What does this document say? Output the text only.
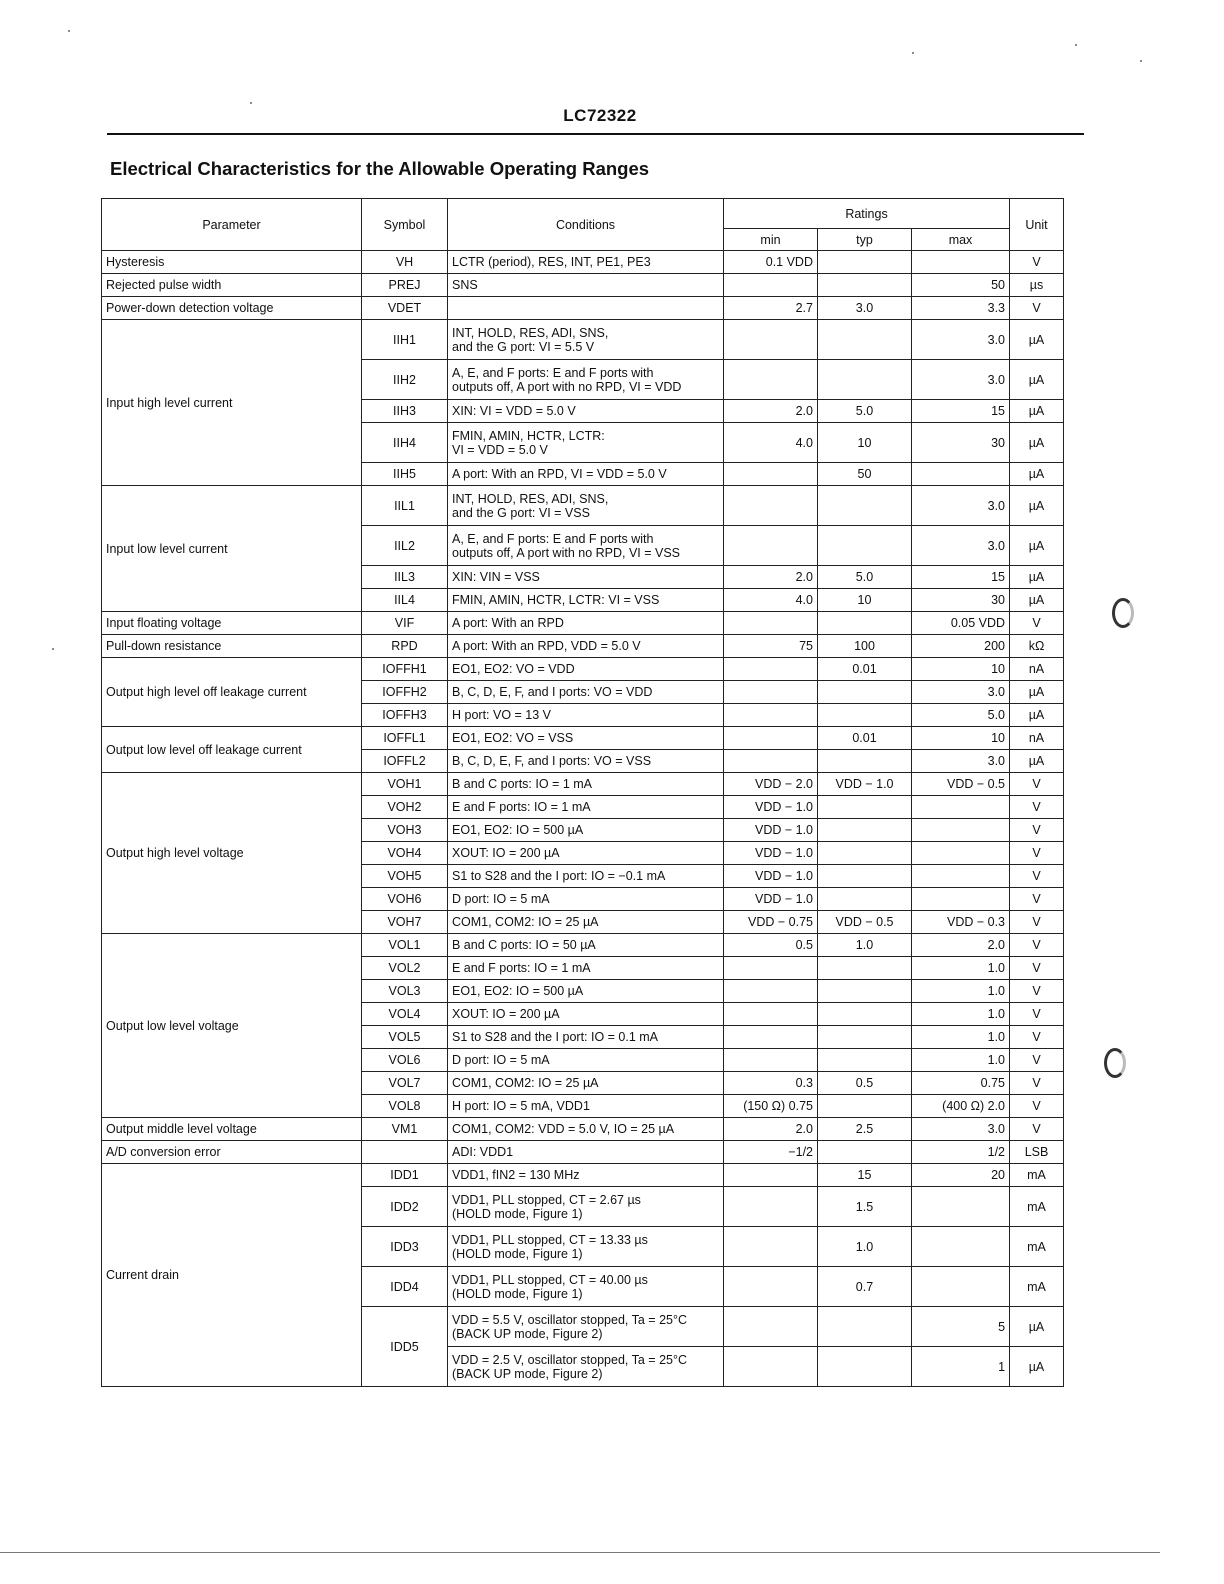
LC72322
Electrical Characteristics for the Allowable Operating Ranges
Parameter	Symbol	Conditions	Ratings			Unit
			min	typ	max	
Hysteresis	VH	LCTR (period), RES, INT, PE1, PE3	0.1 VDD			V
Rejected pulse width	PREJ	SNS			50	µs
Power-down detection voltage	VDET		2.7	3.0	3.3	V
Input high level current	IIH1	INT, HOLD, RES, ADI, SNS,
and the G port: VI = 5.5 V			3.0	µA
	IIH2	A, E, and F ports: E and F ports with
outputs off, A port with no RPD, VI = VDD			3.0	µA
	IIH3	XIN: VI = VDD = 5.0 V	2.0	5.0	15	µA
	IIH4	FMIN, AMIN, HCTR, LCTR:
VI = VDD = 5.0 V	4.0	10	30	µA
	IIH5	A port: With an RPD, VI = VDD = 5.0 V		50		µA
Input low level current	IIL1	INT, HOLD, RES, ADI, SNS,
and the G port: VI = VSS			3.0	µA
	IIL2	A, E, and F ports: E and F ports with
outputs off, A port with no RPD, VI = VSS			3.0	µA
	IIL3	XIN: VIN = VSS	2.0	5.0	15	µA
	IIL4	FMIN, AMIN, HCTR, LCTR: VI = VSS	4.0	10	30	µA
Input floating voltage	VIF	A port: With an RPD			0.05 VDD	V
Pull-down resistance	RPD	A port: With an RPD, VDD = 5.0 V	75	100	200	kΩ
Output high level off leakage current	IOFFH1	EO1, EO2: VO = VDD		0.01	10	nA
	IOFFH2	B, C, D, E, F, and I ports: VO = VDD			3.0	µA
	IOFFH3	H port: VO = 13 V			5.0	µA
Output low level off leakage current	IOFFL1	EO1, EO2: VO = VSS		0.01	10	nA
	IOFFL2	B, C, D, E, F, and I ports: VO = VSS			3.0	µA
Output high level voltage	VOH1	B and C ports: IO = 1 mA	VDD − 2.0	VDD − 1.0	VDD − 0.5	V
	VOH2	E and F ports: IO = 1 mA	VDD − 1.0			V
	VOH3	EO1, EO2: IO = 500 µA	VDD − 1.0			V
	VOH4	XOUT: IO = 200 µA	VDD − 1.0			V
	VOH5	S1 to S28 and the I port: IO = −0.1 mA	VDD − 1.0			V
	VOH6	D port: IO = 5 mA	VDD − 1.0			V
	VOH7	COM1, COM2: IO = 25 µA	VDD − 0.75	VDD − 0.5	VDD − 0.3	V
Output low level voltage	VOL1	B and C ports: IO = 50 µA	0.5	1.0	2.0	V
	VOL2	E and F ports: IO = 1 mA			1.0	V
	VOL3	EO1, EO2: IO = 500 µA			1.0	V
	VOL4	XOUT: IO = 200 µA			1.0	V
	VOL5	S1 to S28 and the I port: IO = 0.1 mA			1.0	V
	VOL6	D port: IO = 5 mA			1.0	V
	VOL7	COM1, COM2: IO = 25 µA	0.3	0.5	0.75	V
	VOL8	H port: IO = 5 mA, VDD1	(150 Ω) 0.75		(400 Ω) 2.0	V
Output middle level voltage	VM1	COM1, COM2: VDD = 5.0 V, IO = 25 µA	2.0	2.5	3.0	V
A/D conversion error		ADI: VDD1	−1/2		1/2	LSB
Current drain	IDD1	VDD1, fIN2 = 130 MHz		15	20	mA
	IDD2	VDD1, PLL stopped, CT = 2.67 µs
(HOLD mode, Figure 1)		1.5		mA
	IDD3	VDD1, PLL stopped, CT = 13.33 µs
(HOLD mode, Figure 1)		1.0		mA
	IDD4	VDD1, PLL stopped, CT = 40.00 µs
(HOLD mode, Figure 1)		0.7		mA
	IDD5	VDD = 5.5 V, oscillator stopped, Ta = 25°C
(BACK UP mode, Figure 2)			5	µA
		VDD = 2.5 V, oscillator stopped, Ta = 25°C
(BACK UP mode, Figure 2)			1	µA
